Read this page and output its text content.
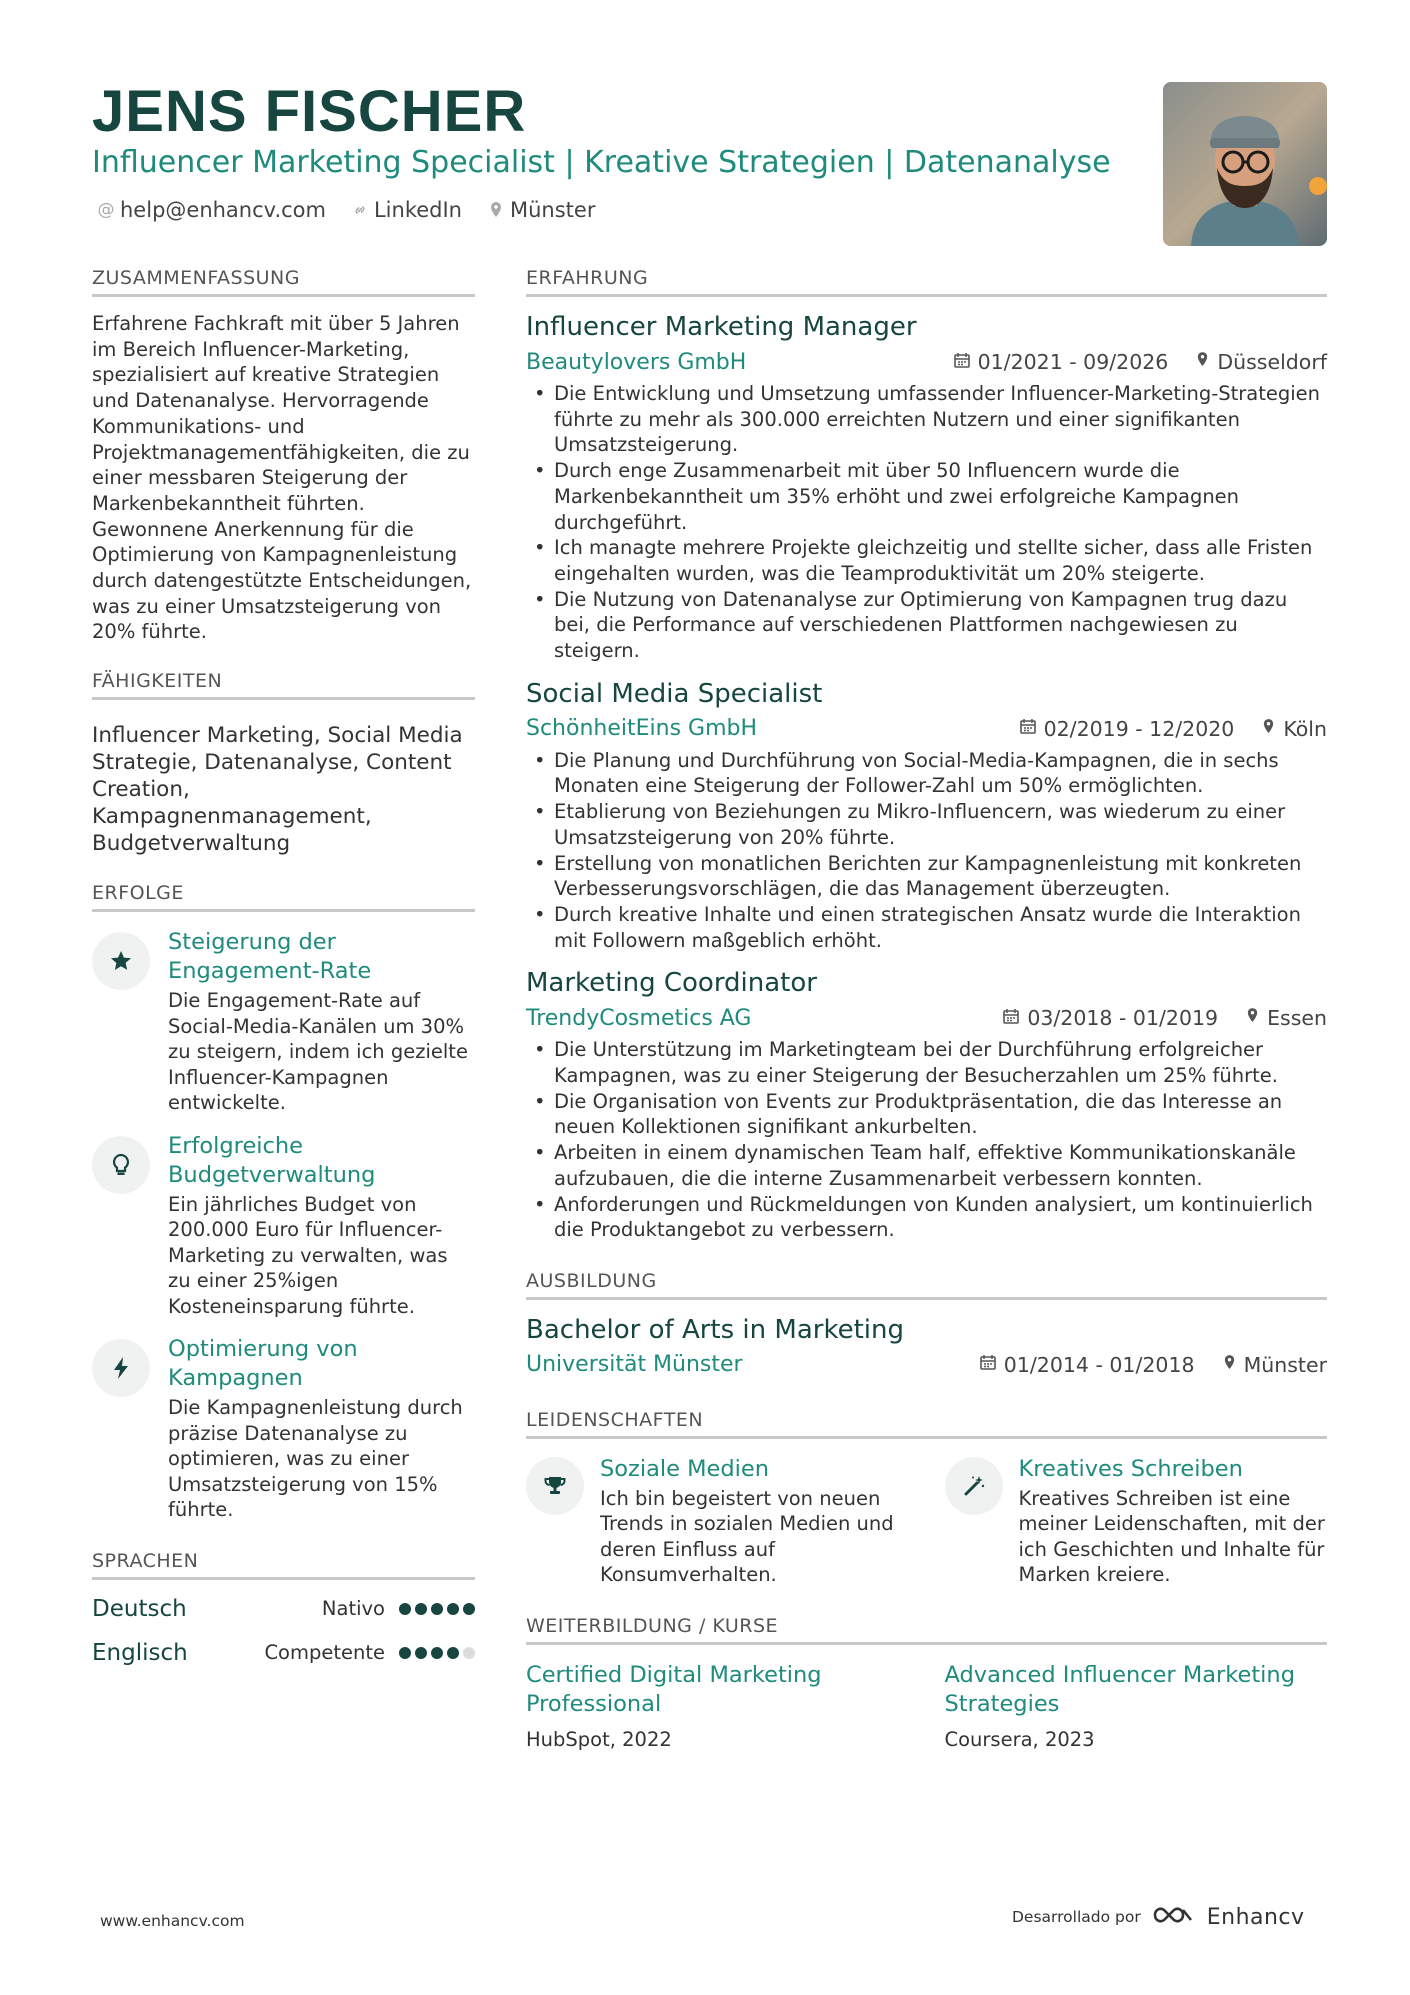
JENS FISCHER
Influencer Marketing Specialist | Kreative Strategien | Datenanalyse
@ help@enhancv.com LinkedIn Münster
ZUSAMMENFASSUNG
Erfahrene Fachkraft mit über 5 Jahren im Bereich Influencer-Marketing, spezialisiert auf kreative Strategien und Datenanalyse. Hervorragende Kommunikations- und Projektmanagementfähigkeiten, die zu einer messbaren Steigerung der Markenbekanntheit führten. Gewonnene Anerkennung für die Optimierung von Kampagnenleistung durch datengestützte Entscheidungen, was zu einer Umsatzsteigerung von 20% führte.
FÄHIGKEITEN
Influencer Marketing, Social Media Strategie, Datenanalyse, Content Creation, Kampagnenmanagement, Budgetverwaltung
ERFOLGE
Steigerung der Engagement-Rate
Die Engagement-Rate auf Social-Media-Kanälen um 30% zu steigern, indem ich gezielte Influencer-Kampagnen entwickelte.
Erfolgreiche Budgetverwaltung
Ein jährliches Budget von 200.000 Euro für Influencer-Marketing zu verwalten, was zu einer 25%igen Kosteneinsparung führte.
Optimierung von Kampagnen
Die Kampagnenleistung durch präzise Datenanalyse zu optimieren, was zu einer Umsatzsteigerung von 15% führte.
SPRACHEN
Deutsch	Nativo
Englisch	Competente
ERFAHRUNG
Influencer Marketing Manager
Beautylovers GmbH	01/2021 - 09/2026 Düsseldorf
• Die Entwicklung und Umsetzung umfassender Influencer-Marketing-Strategien führte zu mehr als 300.000 erreichten Nutzern und einer signifikanten Umsatzsteigerung.
• Durch enge Zusammenarbeit mit über 50 Influencern wurde die Markenbekanntheit um 35% erhöht und zwei erfolgreiche Kampagnen durchgeführt.
• Ich managte mehrere Projekte gleichzeitig und stellte sicher, dass alle Fristen eingehalten wurden, was die Teamproduktivität um 20% steigerte.
• Die Nutzung von Datenanalyse zur Optimierung von Kampagnen trug dazu bei, die Performance auf verschiedenen Plattformen nachgewiesen zu steigern.
Social Media Specialist
SchönheitEins GmbH	02/2019 - 12/2020 Köln
• Die Planung und Durchführung von Social-Media-Kampagnen, die in sechs Monaten eine Steigerung der Follower-Zahl um 50% ermöglichten.
• Etablierung von Beziehungen zu Mikro-Influencern, was wiederum zu einer Umsatzsteigerung von 20% führte.
• Erstellung von monatlichen Berichten zur Kampagnenleistung mit konkreten Verbesserungsvorschlägen, die das Management überzeugten.
• Durch kreative Inhalte und einen strategischen Ansatz wurde die Interaktion mit Followern maßgeblich erhöht.
Marketing Coordinator
TrendyCosmetics AG	03/2018 - 01/2019 Essen
• Die Unterstützung im Marketingteam bei der Durchführung erfolgreicher Kampagnen, was zu einer Steigerung der Besucherzahlen um 25% führte.
• Die Organisation von Events zur Produktpräsentation, die das Interesse an neuen Kollektionen signifikant ankurbelten.
• Arbeiten in einem dynamischen Team half, effektive Kommunikationskanäle aufzubauen, die die interne Zusammenarbeit verbessern konnten.
• Anforderungen und Rückmeldungen von Kunden analysiert, um kontinuierlich die Produktangebot zu verbessern.
AUSBILDUNG
Bachelor of Arts in Marketing
Universität Münster	01/2014 - 01/2018 Münster
LEIDENSCHAFTEN
Soziale Medien
Ich bin begeistert von neuen Trends in sozialen Medien und deren Einfluss auf Konsumverhalten.
Kreatives Schreiben
Kreatives Schreiben ist eine meiner Leidenschaften, mit der ich Geschichten und Inhalte für Marken kreiere.
WEITERBILDUNG / KURSE
Certified Digital Marketing Professional
HubSpot, 2022
Advanced Influencer Marketing Strategies
Coursera, 2023
www.enhancv.com	Desarrollado por	Enhancv
